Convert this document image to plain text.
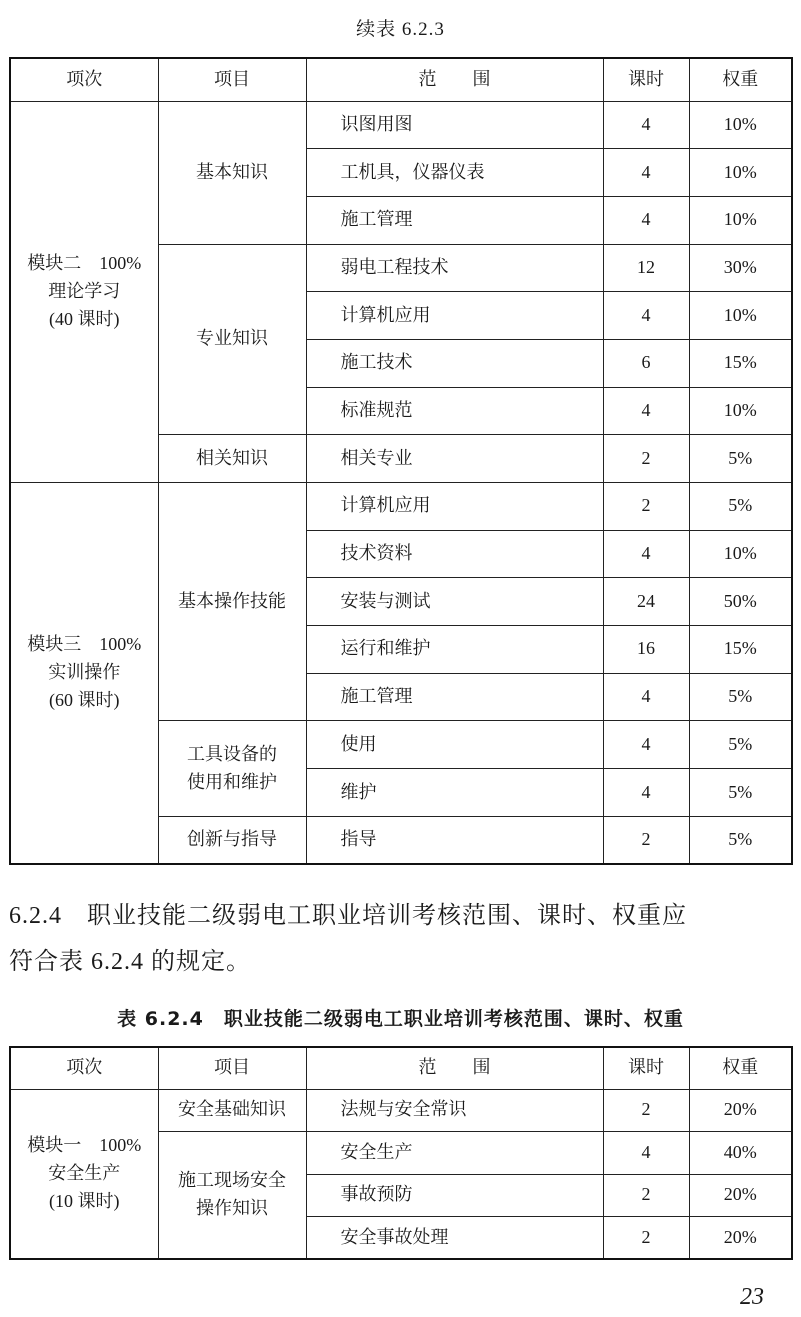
续表 6.2.3
项次	项目	范　　围	课时	权重

模块二　100%
理论学习
(40 课时)	基本知识	识图用图	4	10%
		工机具，仪器仪表	4	10%
		施工管理	4	10%

	专业知识	弱电工程技术	12	30%
		计算机应用	4	10%
		施工技术	6	15%
		标准规范	4	10%

	相关知识	相关专业	2	5%

模块三　100%
实训操作
(60 课时)	基本操作技能	计算机应用	2	5%
		技术资料	4	10%
		安装与测试	24	50%
		运行和维护	16	15%
		施工管理	4	5%

	工具设备的
使用和维护	使用	4	5%
		维护	4	5%

	创新与指导	指导	2	5%
6.2.4　职业技能二级弱电工职业培训考核范围、课时、权重应
符合表 6.2.4 的规定。
表 6.2.4　职业技能二级弱电工职业培训考核范围、课时、权重
项次	项目	范　　围	课时	权重

模块一　100%
安全生产
(10 课时)	安全基础知识	法规与安全常识	2	20%

	施工现场安全
操作知识	安全生产	4	40%
		事故预防	2	20%
		安全事故处理	2	20%
23
